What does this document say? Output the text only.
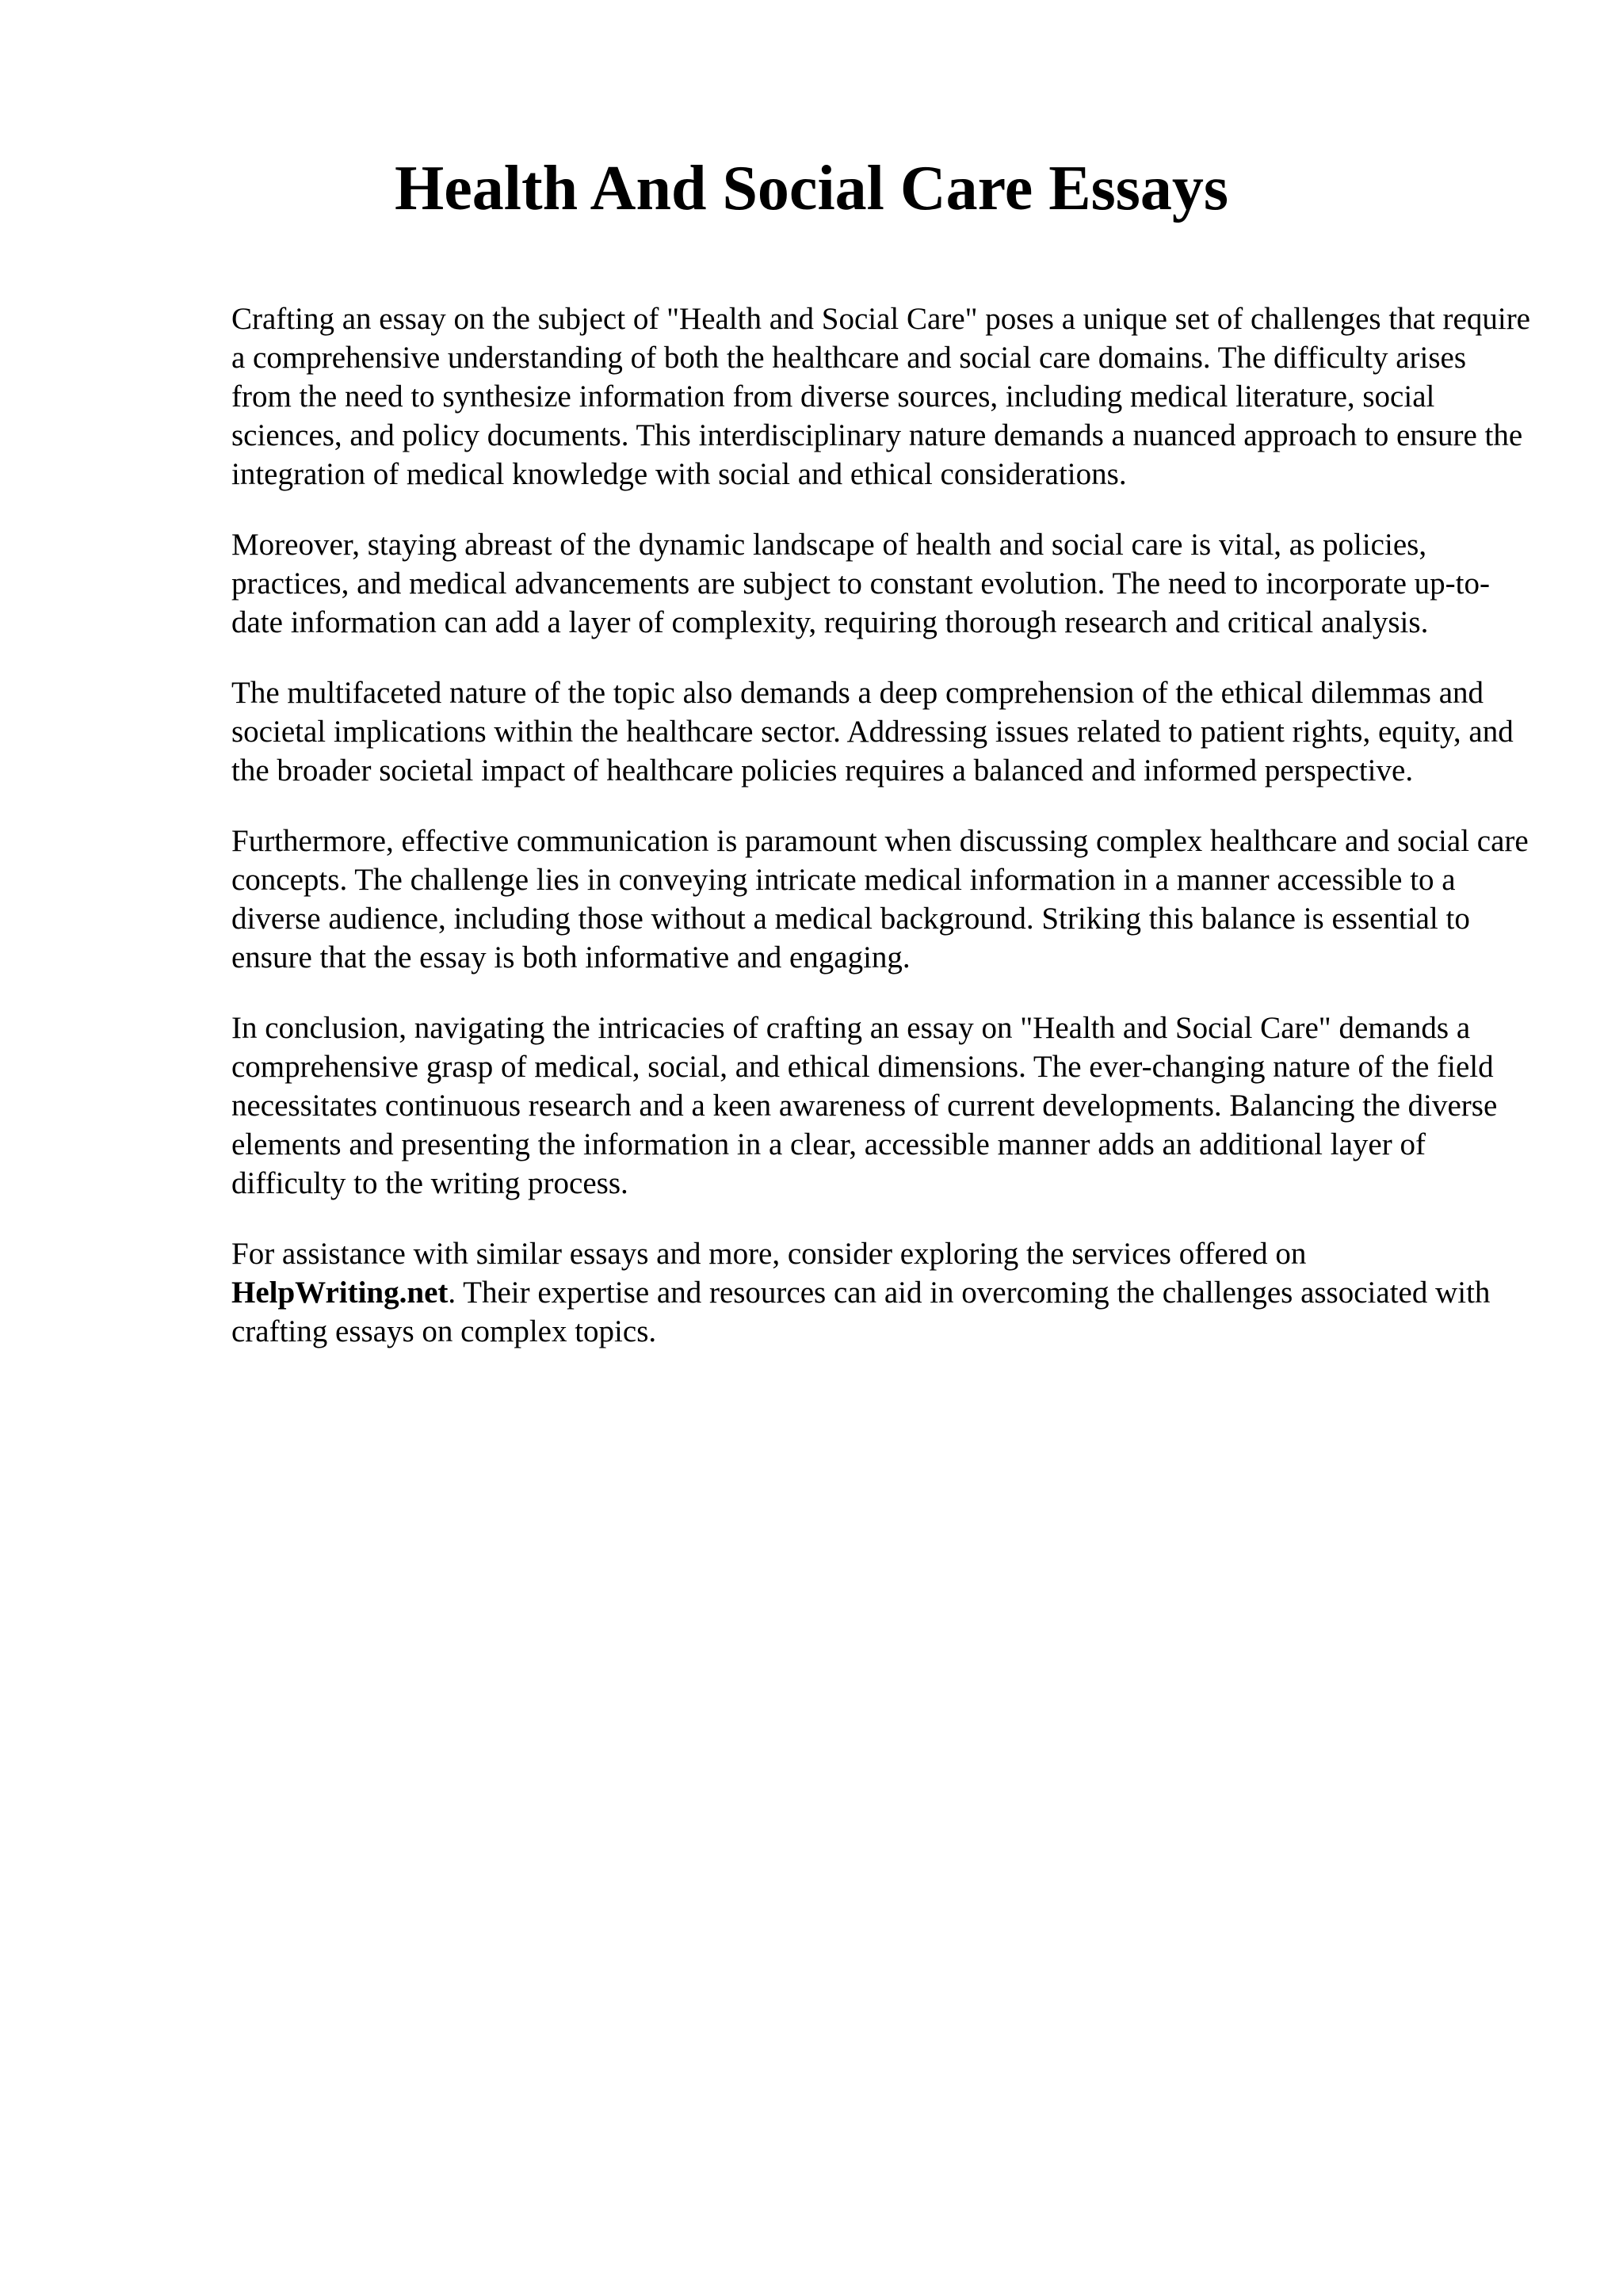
Health And Social Care Essays

Crafting an essay on the subject of "Health and Social Care" poses a unique set of challenges that require a comprehensive understanding of both the healthcare and social care domains. The difficulty arises from the need to synthesize information from diverse sources, including medical literature, social sciences, and policy documents. This interdisciplinary nature demands a nuanced approach to ensure the integration of medical knowledge with social and ethical considerations.

Moreover, staying abreast of the dynamic landscape of health and social care is vital, as policies, practices, and medical advancements are subject to constant evolution. The need to incorporate up-to-date information can add a layer of complexity, requiring thorough research and critical analysis.

The multifaceted nature of the topic also demands a deep comprehension of the ethical dilemmas and societal implications within the healthcare sector. Addressing issues related to patient rights, equity, and the broader societal impact of healthcare policies requires a balanced and informed perspective.

Furthermore, effective communication is paramount when discussing complex healthcare and social care concepts. The challenge lies in conveying intricate medical information in a manner accessible to a diverse audience, including those without a medical background. Striking this balance is essential to ensure that the essay is both informative and engaging.

In conclusion, navigating the intricacies of crafting an essay on "Health and Social Care" demands a comprehensive grasp of medical, social, and ethical dimensions. The ever-changing nature of the field necessitates continuous research and a keen awareness of current developments. Balancing the diverse elements and presenting the information in a clear, accessible manner adds an additional layer of difficulty to the writing process.

For assistance with similar essays and more, consider exploring the services offered on HelpWriting.net. Their expertise and resources can aid in overcoming the challenges associated with crafting essays on complex topics.
